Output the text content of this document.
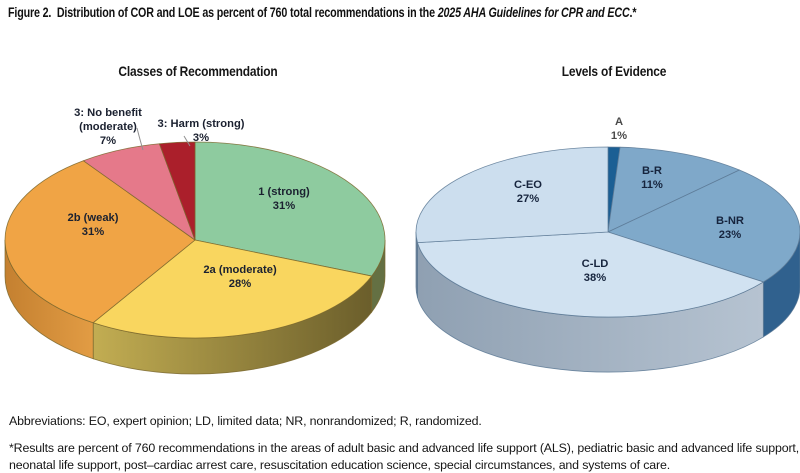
Figure 2.  Distribution of COR and LOE as percent of 760 total recommendations in the 2025 AHA Guidelines for CPR and ECC.*
Classes of Recommendation	Levels of Evidence
1 (strong) 31%
2a (moderate) 28%
2b (weak) 31%
3: No benefit (moderate) 7%
3: Harm (strong) 3%
A 1%
B-R 11%
B-NR 23%
C-LD 38%
C-EO 27%
Abbreviations: EO, expert opinion; LD, limited data; NR, nonrandomized; R, randomized.
*Results are percent of 760 recommendations in the areas of adult basic and advanced life support (ALS), pediatric basic and advanced life support, neonatal life support, post–cardiac arrest care, resuscitation education science, special circumstances, and systems of care.
